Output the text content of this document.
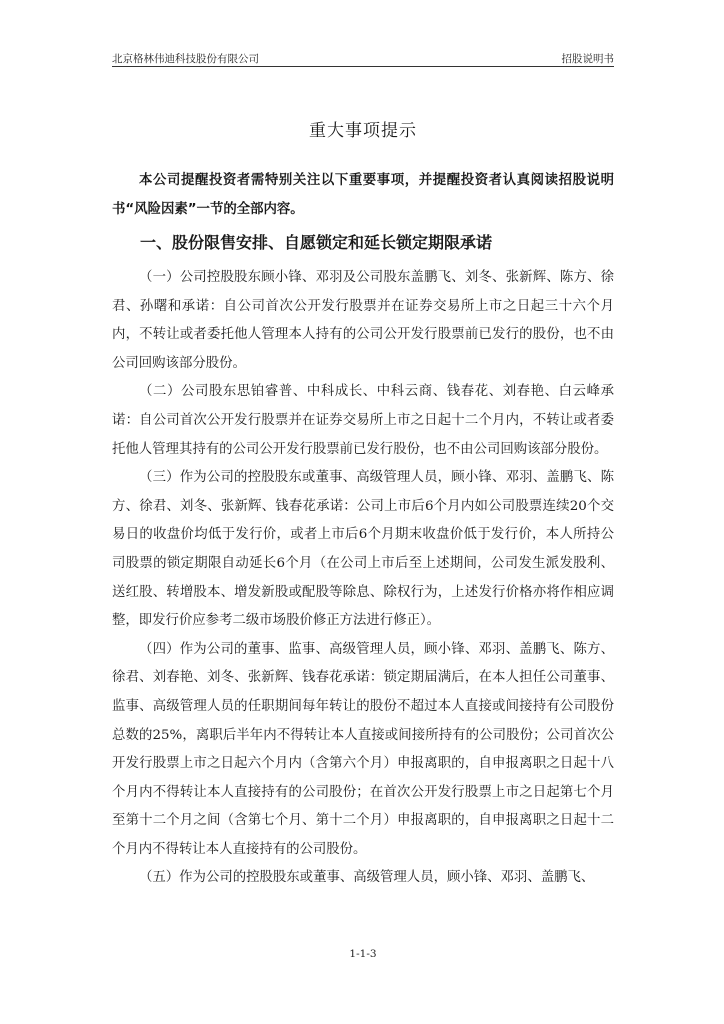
北京格林伟迪科技股份有限公司	招股说明书
重大事项提示
本公司提醒投资者需特别关注以下重要事项，并提醒投资者认真阅读招股说明书“风险因素”一节的全部内容。
一、股份限售安排、自愿锁定和延长锁定期限承诺

（一）公司控股股东顾小锋、邓羽及公司股东盖鹏飞、刘冬、张新辉、陈方、徐君、孙曙和承诺：自公司首次公开发行股票并在证券交易所上市之日起三十六个月内，不转让或者委托他人管理本人持有的公司公开发行股票前已发行的股份，也不由公司回购该部分股份。

（二）公司股东思铂睿普、中科成长、中科云商、钱春花、刘春艳、白云峰承诺：自公司首次公开发行股票并在证券交易所上市之日起十二个月内，不转让或者委托他人管理其持有的公司公开发行股票前已发行股份，也不由公司回购该部分股份。

（三）作为公司的控股股东或董事、高级管理人员，顾小锋、邓羽、盖鹏飞、陈方、徐君、刘冬、张新辉、钱春花承诺：公司上市后6个月内如公司股票连续20个交易日的收盘价均低于发行价，或者上市后6个月期末收盘价低于发行价，本人所持公司股票的锁定期限自动延长6个月（在公司上市后至上述期间，公司发生派发股利、送红股、转增股本、增发新股或配股等除息、除权行为，上述发行价格亦将作相应调整，即发行价应参考二级市场股价修正方法进行修正）。

（四）作为公司的董事、监事、高级管理人员，顾小锋、邓羽、盖鹏飞、陈方、徐君、刘春艳、刘冬、张新辉、钱春花承诺：锁定期届满后，在本人担任公司董事、监事、高级管理人员的任职期间每年转让的股份不超过本人直接或间接持有公司股份总数的25%，离职后半年内不得转让本人直接或间接所持有的公司股份；公司首次公开发行股票上市之日起六个月内（含第六个月）申报离职的，自申报离职之日起十八个月内不得转让本人直接持有的公司股份；在首次公开发行股票上市之日起第七个月至第十二个月之间（含第七个月、第十二个月）申报离职的，自申报离职之日起十二个月内不得转让本人直接持有的公司股份。

（五）作为公司的控股股东或董事、高级管理人员，顾小锋、邓羽、盖鹏飞、

1-1-3
